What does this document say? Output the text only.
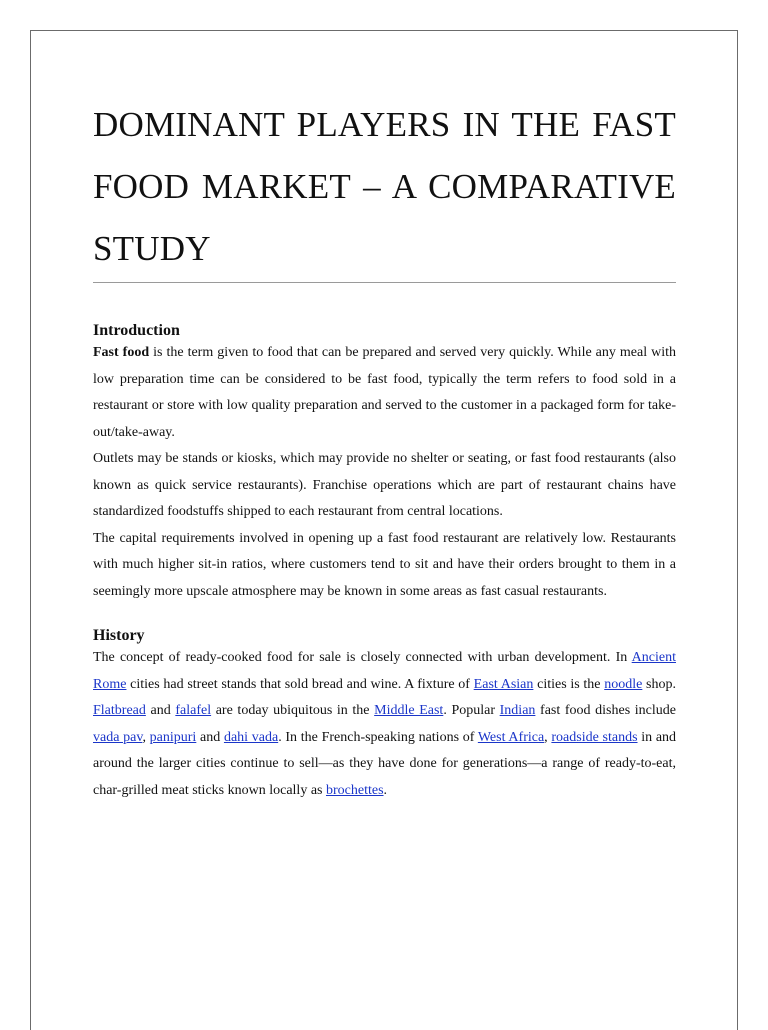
DOMINANT PLAYERS IN THE FAST FOOD MARKET – A COMPARATIVE STUDY
Introduction

Fast food is the term given to food that can be prepared and served very quickly. While any meal with low preparation time can be considered to be fast food, typically the term refers to food sold in a restaurant or store with low quality preparation and served to the customer in a packaged form for take-out/take-away.

Outlets may be stands or kiosks, which may provide no shelter or seating, or fast food restaurants (also known as quick service restaurants). Franchise operations which are part of restaurant chains have standardized foodstuffs shipped to each restaurant from central locations.

The capital requirements involved in opening up a fast food restaurant are relatively low. Restaurants with much higher sit-in ratios, where customers tend to sit and have their orders brought to them in a seemingly more upscale atmosphere may be known in some areas as fast casual restaurants.

History

The concept of ready-cooked food for sale is closely connected with urban development. In Ancient Rome cities had street stands that sold bread and wine. A fixture of East Asian cities is the noodle shop. Flatbread and falafel are today ubiquitous in the Middle East. Popular Indian fast food dishes include vada pav, panipuri and dahi vada. In the French-speaking nations of West Africa, roadside stands in and around the larger cities continue to sell—as they have done for generations—a range of ready-to-eat, char-grilled meat sticks known locally as brochettes.
